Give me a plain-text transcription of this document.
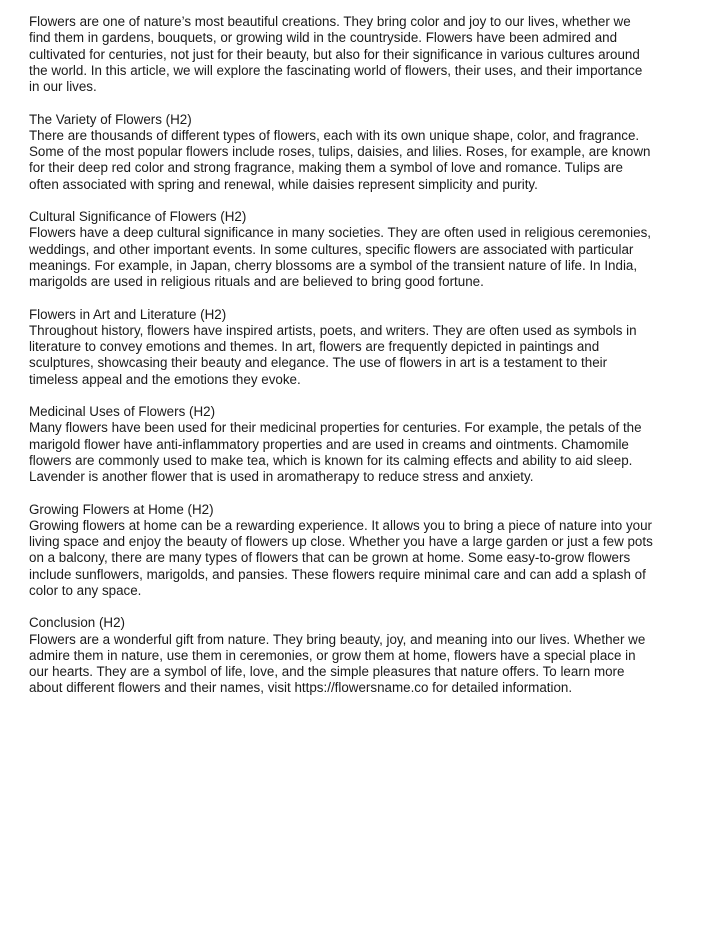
Flowers are one of nature’s most beautiful creations. They bring color and joy to our lives, whether we
find them in gardens, bouquets, or growing wild in the countryside. Flowers have been admired and
cultivated for centuries, not just for their beauty, but also for their significance in various cultures around
the world. In this article, we will explore the fascinating world of flowers, their uses, and their importance
in our lives.

The Variety of Flowers (H2)

There are thousands of different types of flowers, each with its own unique shape, color, and fragrance.
Some of the most popular flowers include roses, tulips, daisies, and lilies. Roses, for example, are known
for their deep red color and strong fragrance, making them a symbol of love and romance. Tulips are
often associated with spring and renewal, while daisies represent simplicity and purity.

Cultural Significance of Flowers (H2)

Flowers have a deep cultural significance in many societies. They are often used in religious ceremonies,
weddings, and other important events. In some cultures, specific flowers are associated with particular
meanings. For example, in Japan, cherry blossoms are a symbol of the transient nature of life. In India,
marigolds are used in religious rituals and are believed to bring good fortune.

Flowers in Art and Literature (H2)

Throughout history, flowers have inspired artists, poets, and writers. They are often used as symbols in
literature to convey emotions and themes. In art, flowers are frequently depicted in paintings and
sculptures, showcasing their beauty and elegance. The use of flowers in art is a testament to their
timeless appeal and the emotions they evoke.

Medicinal Uses of Flowers (H2)

Many flowers have been used for their medicinal properties for centuries. For example, the petals of the
marigold flower have anti-inflammatory properties and are used in creams and ointments. Chamomile
flowers are commonly used to make tea, which is known for its calming effects and ability to aid sleep.
Lavender is another flower that is used in aromatherapy to reduce stress and anxiety.

Growing Flowers at Home (H2)

Growing flowers at home can be a rewarding experience. It allows you to bring a piece of nature into your
living space and enjoy the beauty of flowers up close. Whether you have a large garden or just a few pots
on a balcony, there are many types of flowers that can be grown at home. Some easy-to-grow flowers
include sunflowers, marigolds, and pansies. These flowers require minimal care and can add a splash of
color to any space.

Conclusion (H2)

Flowers are a wonderful gift from nature. They bring beauty, joy, and meaning into our lives. Whether we
admire them in nature, use them in ceremonies, or grow them at home, flowers have a special place in
our hearts. They are a symbol of life, love, and the simple pleasures that nature offers. To learn more
about different flowers and their names, visit https://flowersname.co for detailed information.
